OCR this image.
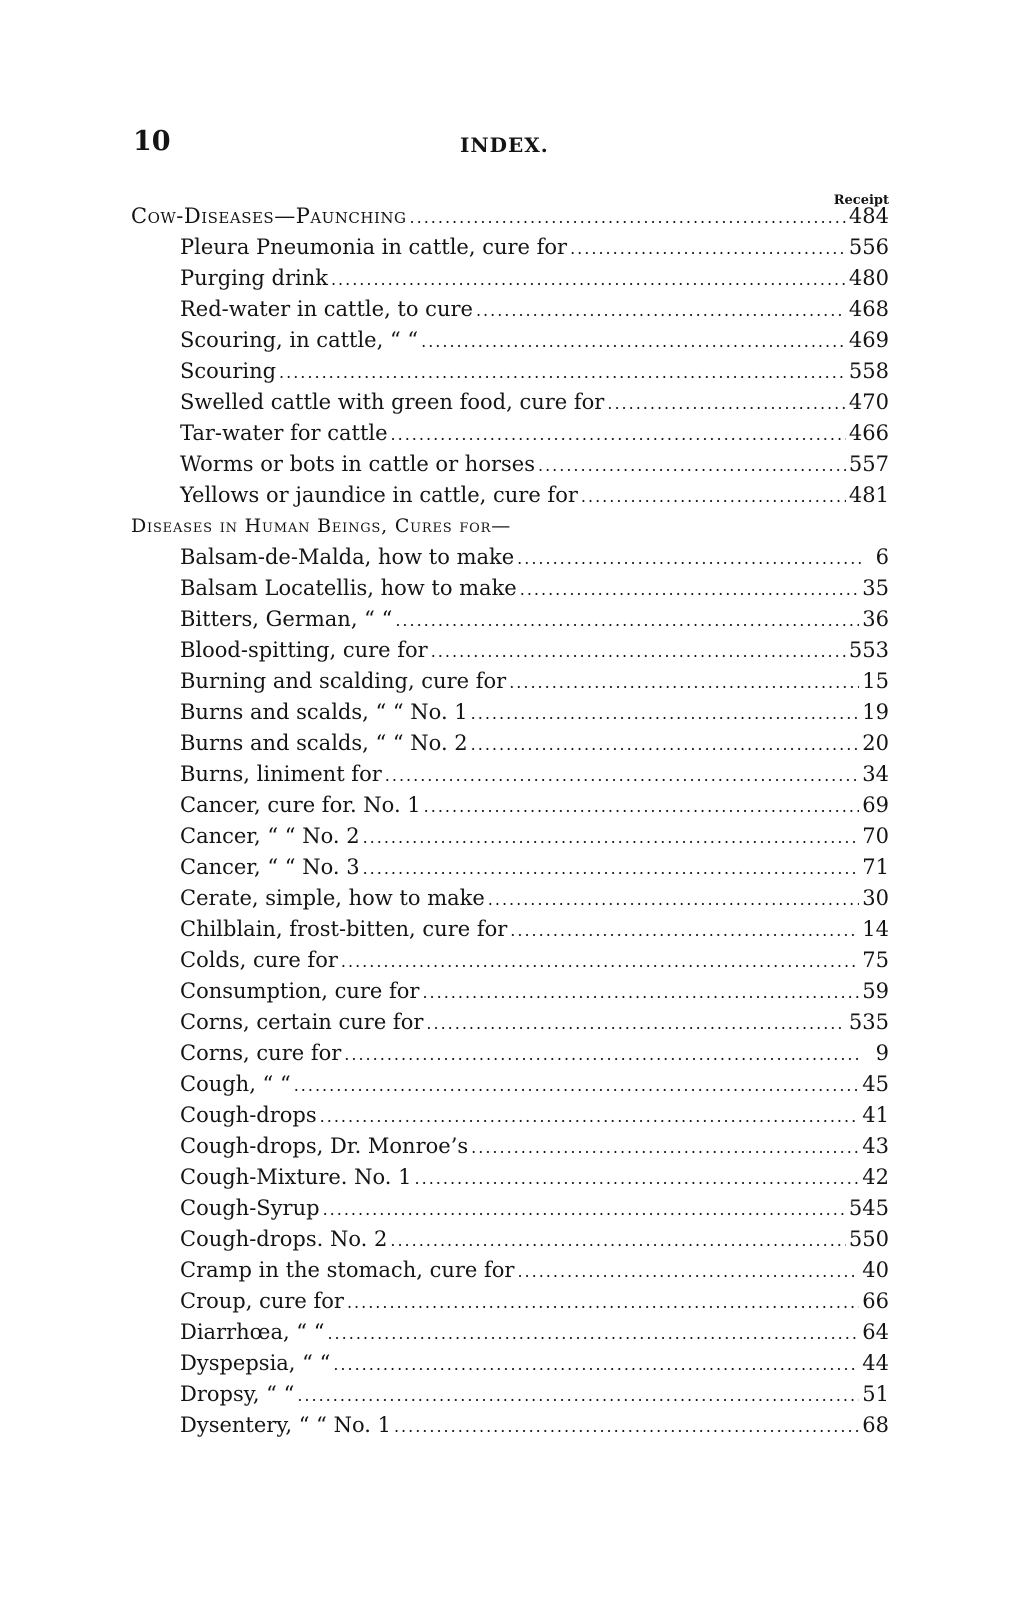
10	INDEX.
Receipt
Cow-Diseases—Paunching .....	484
Pleura Pneumonia in cattle, cure for .....	556
Purging drink .....	480
Red-water in cattle, to cure .....	468
Scouring, in cattle, “ “ .....	469
Scouring .....	558
Swelled cattle with green food, cure for .....	470
Tar-water for cattle .....	466
Worms or bots in cattle or horses .....	557
Yellows or jaundice in cattle, cure for .....	481
Diseases in Human Beings, Cures for—
Balsam-de-Malda, how to make .....	6
Balsam Locatellis, how to make .....	35
Bitters, German, “ “ .....	36
Blood-spitting, cure for .....	553
Burning and scalding, cure for .....	15
Burns and scalds, “ “ No. 1 .....	19
Burns and scalds, “ “ No. 2 .....	20
Burns, liniment for .....	34
Cancer, cure for. No. 1 .....	69
Cancer, “ “ No. 2 .....	70
Cancer, “ “ No. 3 .....	71
Cerate, simple, how to make .....	30
Chilblain, frost-bitten, cure for .....	14
Colds, cure for .....	75
Consumption, cure for .....	59
Corns, certain cure for .....	535
Corns, cure for .....	9
Cough, “ “ .....	45
Cough-drops .....	41
Cough-drops, Dr. Monroe’s .....	43
Cough-Mixture. No. 1 .....	42
Cough-Syrup .....	545
Cough-drops. No. 2 .....	550
Cramp in the stomach, cure for .....	40
Croup, cure for .....	66
Diarrhœa, “ “ .....	64
Dyspepsia, “ “ .....	44
Dropsy, “ “ .....	51
Dysentery, “ “ No. 1 .....	68
